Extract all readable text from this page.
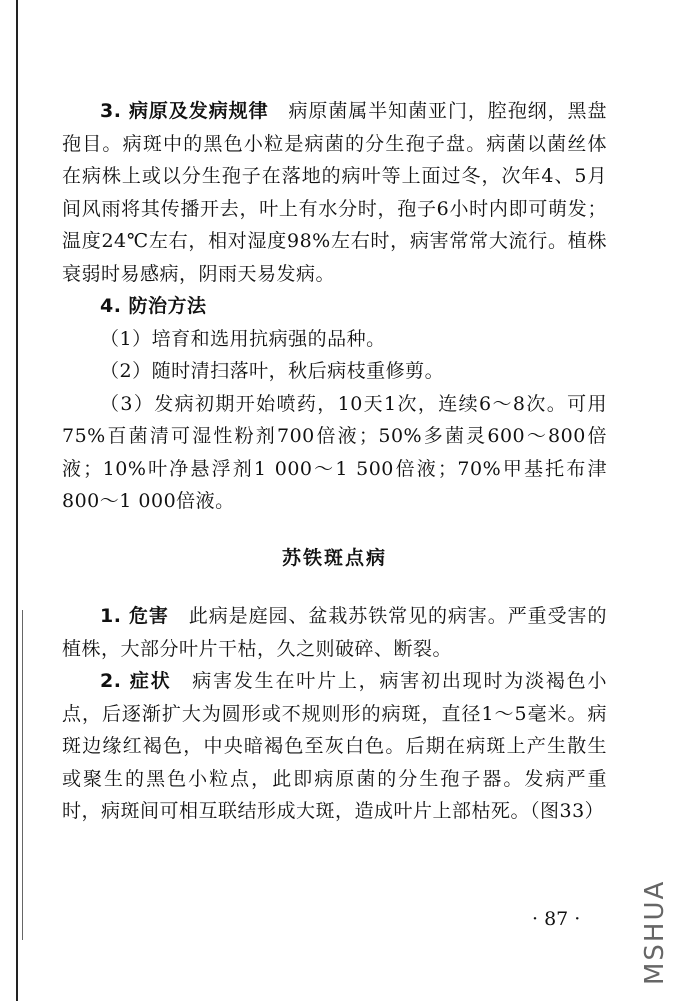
3. 病原及发病规律　 病原菌属半知菌亚门，腔孢纲，黑盘孢目。病斑中的黑色小粒是病菌的分生孢子盘。病菌以菌丝体在病株上或以分生孢子在落地的病叶等上面过冬，次年4、5月间风雨将其传播开去，叶上有水分时，孢子6小时内即可萌发；温度24℃左右，相对湿度98%左右时，病害常常大流行。植株衰弱时易感病，阴雨天易发病。

4. 防治方法

（1）培育和选用抗病强的品种。

（2）随时清扫落叶，秋后病枝重修剪。

（3）发病初期开始喷药，10天1次，连续6～8次。可用75%百菌清可湿性粉剂700倍液；50%多菌灵600～800倍液；10%叶净悬浮剂1 000～1 500倍液；70%甲基托布津800～1 000倍液。

苏铁斑点病

1. 危害　 此病是庭园、盆栽苏铁常见的病害。严重受害的植株，大部分叶片干枯，久之则破碎、断裂。

2. 症状　 病害发生在叶片上，病害初出现时为淡褐色小点，后逐渐扩大为圆形或不规则形的病斑，直径1～5毫米。病斑边缘红褐色，中央暗褐色至灰白色。后期在病斑上产生散生或聚生的黑色小粒点，此即病原菌的分生孢子器。发病严重时，病斑间可相互联结形成大斑，造成叶片上部枯死。（图33）

· 87 · MSHUA
